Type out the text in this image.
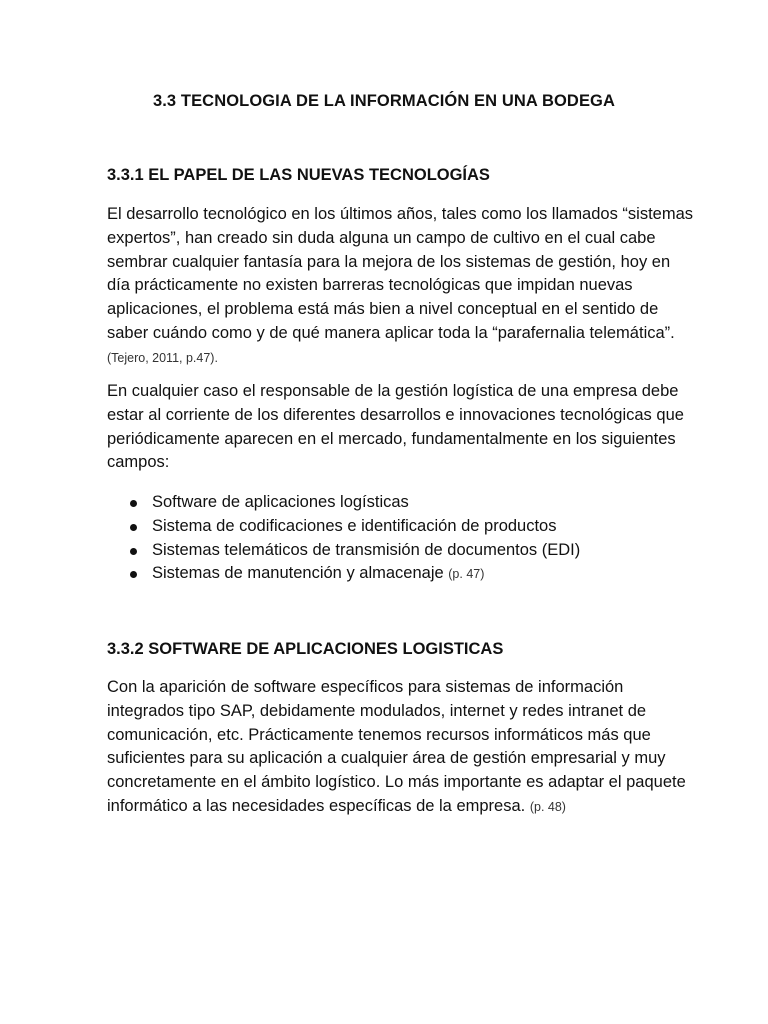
3.3 TECNOLOGIA DE LA INFORMACIÓN EN UNA BODEGA
3.3.1 EL PAPEL DE LAS NUEVAS TECNOLOGÍAS

El desarrollo tecnológico en los últimos años, tales como los llamados “sistemas expertos”, han creado sin duda alguna un campo de cultivo en el cual cabe sembrar cualquier fantasía para la mejora de los sistemas de gestión, hoy en día prácticamente no existen barreras tecnológicas que impidan nuevas aplicaciones, el problema está más bien a nivel conceptual en el sentido de saber cuándo como y de qué manera aplicar toda la “parafernalia telemática”. (Tejero, 2011, p.47).

En cualquier caso el responsable de la gestión logística de una empresa debe estar al corriente de los diferentes desarrollos e innovaciones tecnológicas que periódicamente aparecen en el mercado, fundamentalmente en los siguientes campos:

Software de aplicaciones logísticas
Sistema de codificaciones e identificación de productos
Sistemas telemáticos de transmisión de documentos (EDI)
Sistemas de manutención y almacenaje (p. 47)
3.3.2 SOFTWARE DE APLICACIONES LOGISTICAS

Con la aparición de software específicos para sistemas de información integrados tipo SAP, debidamente modulados, internet y redes intranet de comunicación, etc. Prácticamente tenemos recursos informáticos más que suficientes para su aplicación a cualquier área de gestión empresarial y muy concretamente en el ámbito logístico. Lo más importante es adaptar el paquete informático a las necesidades específicas de la empresa. (p. 48)
